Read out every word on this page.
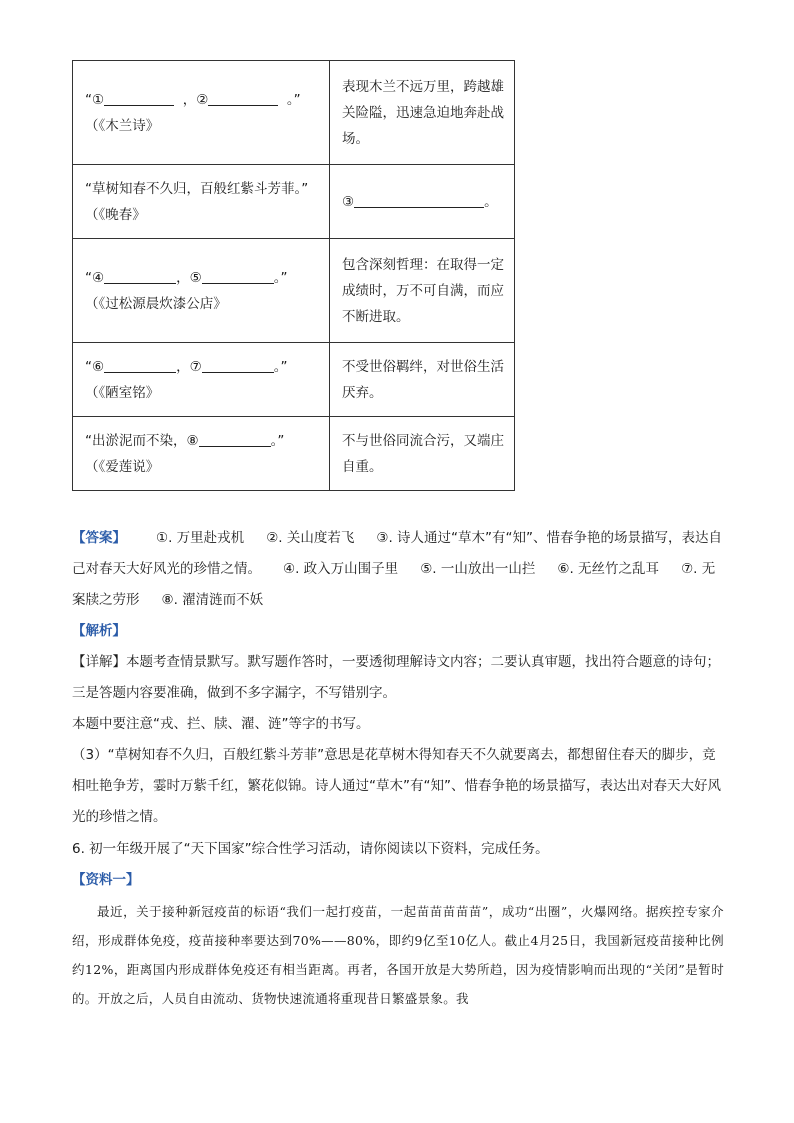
“① ，② 。”
（《木兰诗》	表现木兰不远万里，跨越雄关险隘，迅速急迫地奔赴战场。
“草树知春不久归，百般红紫斗芳菲。”
（《晚春》	③ 。
“④ ，⑤ 。”
（《过松源晨炊漆公店》	包含深刻哲理：在取得一定成绩时，万不可自满，而应不断进取。
“⑥ ，⑦ 。”
（《陋室铭》	不受世俗羁绊，对世俗生活厌弃。
“出淤泥而不染，⑧ 。”
（《爱莲说》	不与世俗同流合污，又端庄自重。
【答案】 ①. 万里赴戎机 ②. 关山度若飞 ③. 诗人通过“草木”有“知”、惜春争艳的场景描写，表达自己对春天大好风光的珍惜之情。 ④. 政入万山围子里 ⑤. 一山放出一山拦 ⑥. 无丝竹之乱耳 ⑦. 无案牍之劳形 ⑧. 濯清涟而不妖
【解析】
【详解】本题考查情景默写。默写题作答时，一要透彻理解诗文内容；二要认真审题，找出符合题意的诗句；三是答题内容要准确，做到不多字漏字，不写错别字。
本题中要注意“戎、拦、牍、濯、涟”等字的书写。
（3）“草树知春不久归，百般红紫斗芳菲”意思是花草树木得知春天不久就要离去，都想留住春天的脚步，竞相吐艳争芳，霎时万紫千红，繁花似锦。诗人通过“草木”有“知”、惜春争艳的场景描写，表达出对春天大好风光的珍惜之情。
6. 初一年级开展了“天下国家”综合性学习活动，请你阅读以下资料，完成任务。
【资料一】
最近，关于接种新冠疫苗的标语“我们一起打疫苗，一起苗苗苗苗苗”，成功“出圈”，火爆网络。据疾控专家介绍，形成群体免疫，疫苗接种率要达到70%——80%，即约9亿至10亿人。截止4月25日，我国新冠疫苗接种比例约12%，距离国内形成群体免疫还有相当距离。再者，各国开放是大势所趋，因为疫情影响而出现的“关闭”是暂时的。开放之后，人员自由流动、货物快速流通将重现昔日繁盛景象。我
